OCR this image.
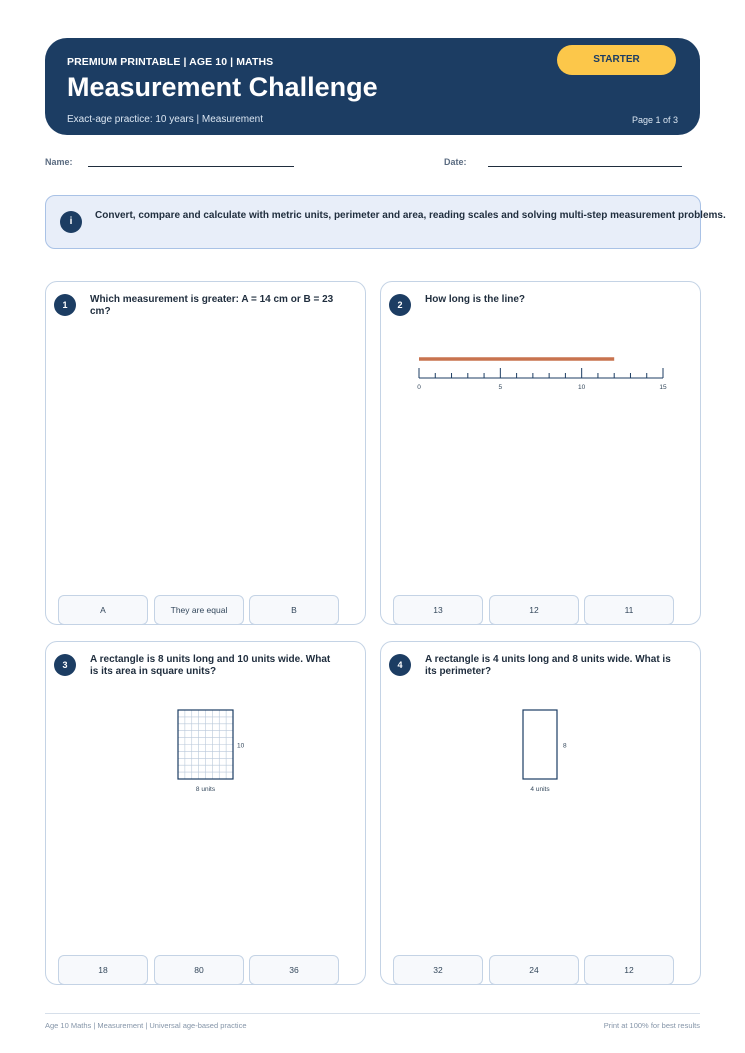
PREMIUM PRINTABLE | AGE 10 | MATHS
Measurement Challenge
Exact-age practice: 10 years | Measurement	Page 1 of 3
STARTER
Name:	Date:
i
Convert, compare and calculate with metric units, perimeter and area, reading scales and solving multi-step measurement problems.
1	Which measurement is greater: A = 14 cm or B = 23 cm?
A	They are equal	B
2	How long is the line?
0	5	10	15
13	12	11
3	A rectangle is 8 units long and 10 units wide. What is its area in square units?
10
8 units
18	80	36
4	A rectangle is 4 units long and 8 units wide. What is its perimeter?
8
4 units
32	24	12
Age 10 Maths | Measurement | Universal age-based practice	Print at 100% for best results
